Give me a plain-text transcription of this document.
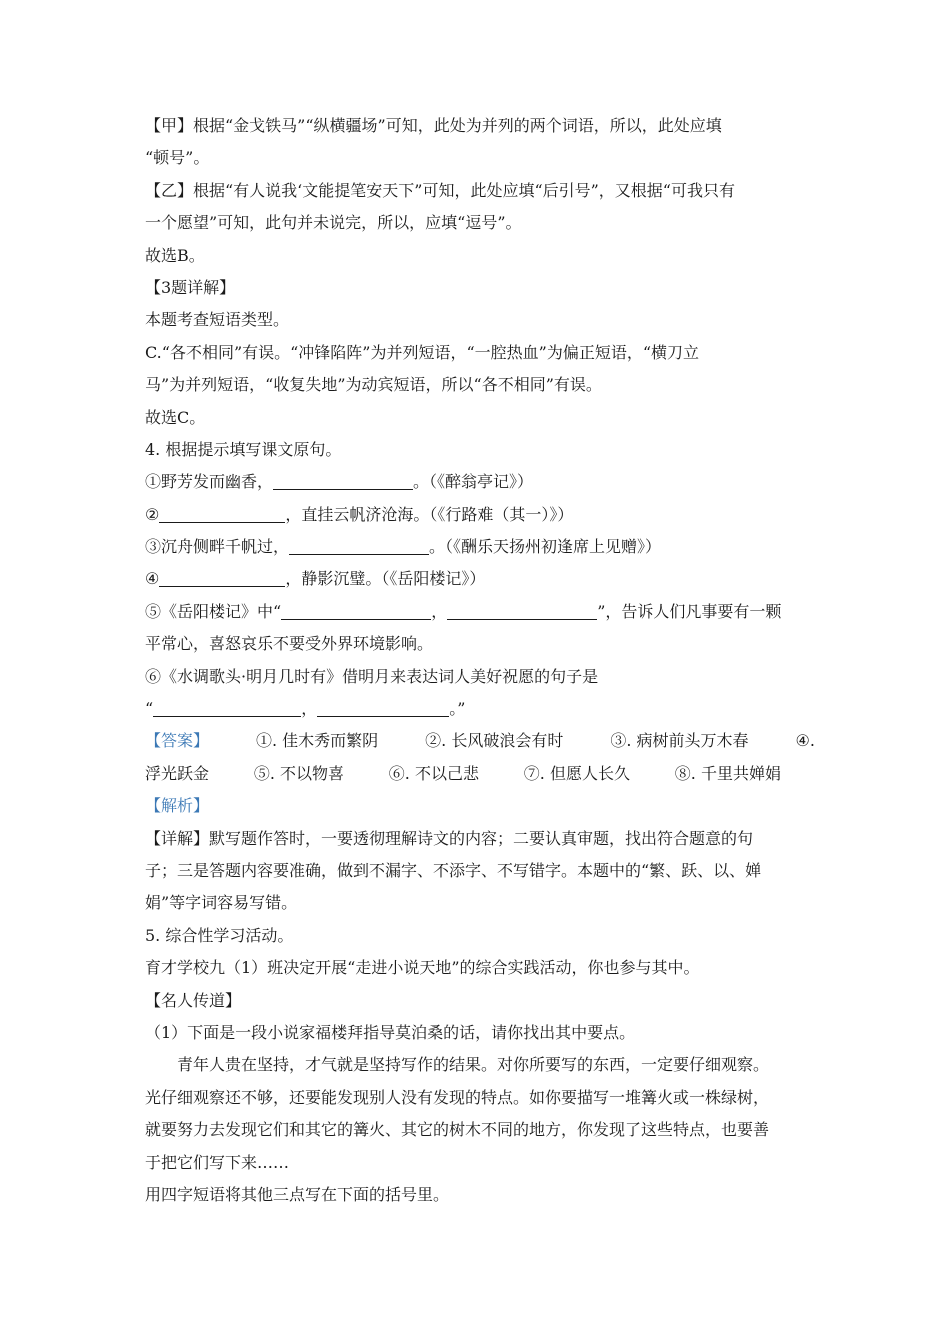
【甲】根据“金戈铁马”“纵横疆场”可知，此处为并列的两个词语，所以，此处应填
“顿号”。
【乙】根据“有人说我‘文能提笔安天下”可知，此处应填“后引号”，又根据“可我只有
一个愿望”可知，此句并未说完，所以，应填“逗号”。
故选B。
【3题详解】
本题考查短语类型。
C.“各不相同”有误。“冲锋陷阵”为并列短语，“一腔热血”为偏正短语，“横刀立
马”为并列短语，“收复失地”为动宾短语，所以“各不相同”有误。
故选C。
4. 根据提示填写课文原句。
①野芳发而幽香，	。（《醉翁亭记》）
②	，直挂云帆济沧海。（《行路难（其一）》）
③沉舟侧畔千帆过，	。（《酬乐天扬州初逢席上见赠》）
④	，静影沉璧。（《岳阳楼记》）
⑤《岳阳楼记》中“	，	”，告诉人们凡事要有一颗
平常心，喜怒哀乐不要受外界环境影响。
⑥《水调歌头·明月几时有》借明月来表达词人美好祝愿的句子是
“	，	。”
【答案】	①. 佳木秀而繁阴	②. 长风破浪会有时	③. 病树前头万木春	④.
浮光跃金	⑤. 不以物喜	⑥. 不以己悲	⑦. 但愿人长久	⑧. 千里共婵娟
【解析】
【详解】默写题作答时，一要透彻理解诗文的内容；二要认真审题，找出符合题意的句
子；三是答题内容要准确，做到不漏字、不添字、不写错字。本题中的“繁、跃、以、婵
娟”等字词容易写错。
5. 综合性学习活动。
育才学校九（1）班决定开展“走进小说天地”的综合实践活动，你也参与其中。
【名人传道】
（1）下面是一段小说家福楼拜指导莫泊桑的话，请你找出其中要点。
青年人贵在坚持，才气就是坚持写作的结果。对你所要写的东西，一定要仔细观察。
光仔细观察还不够，还要能发现别人没有发现的特点。如你要描写一堆篝火或一株绿树，
就要努力去发现它们和其它的篝火、其它的树木不同的地方，你发现了这些特点，也要善
于把它们写下来……
用四字短语将其他三点写在下面的括号里。
